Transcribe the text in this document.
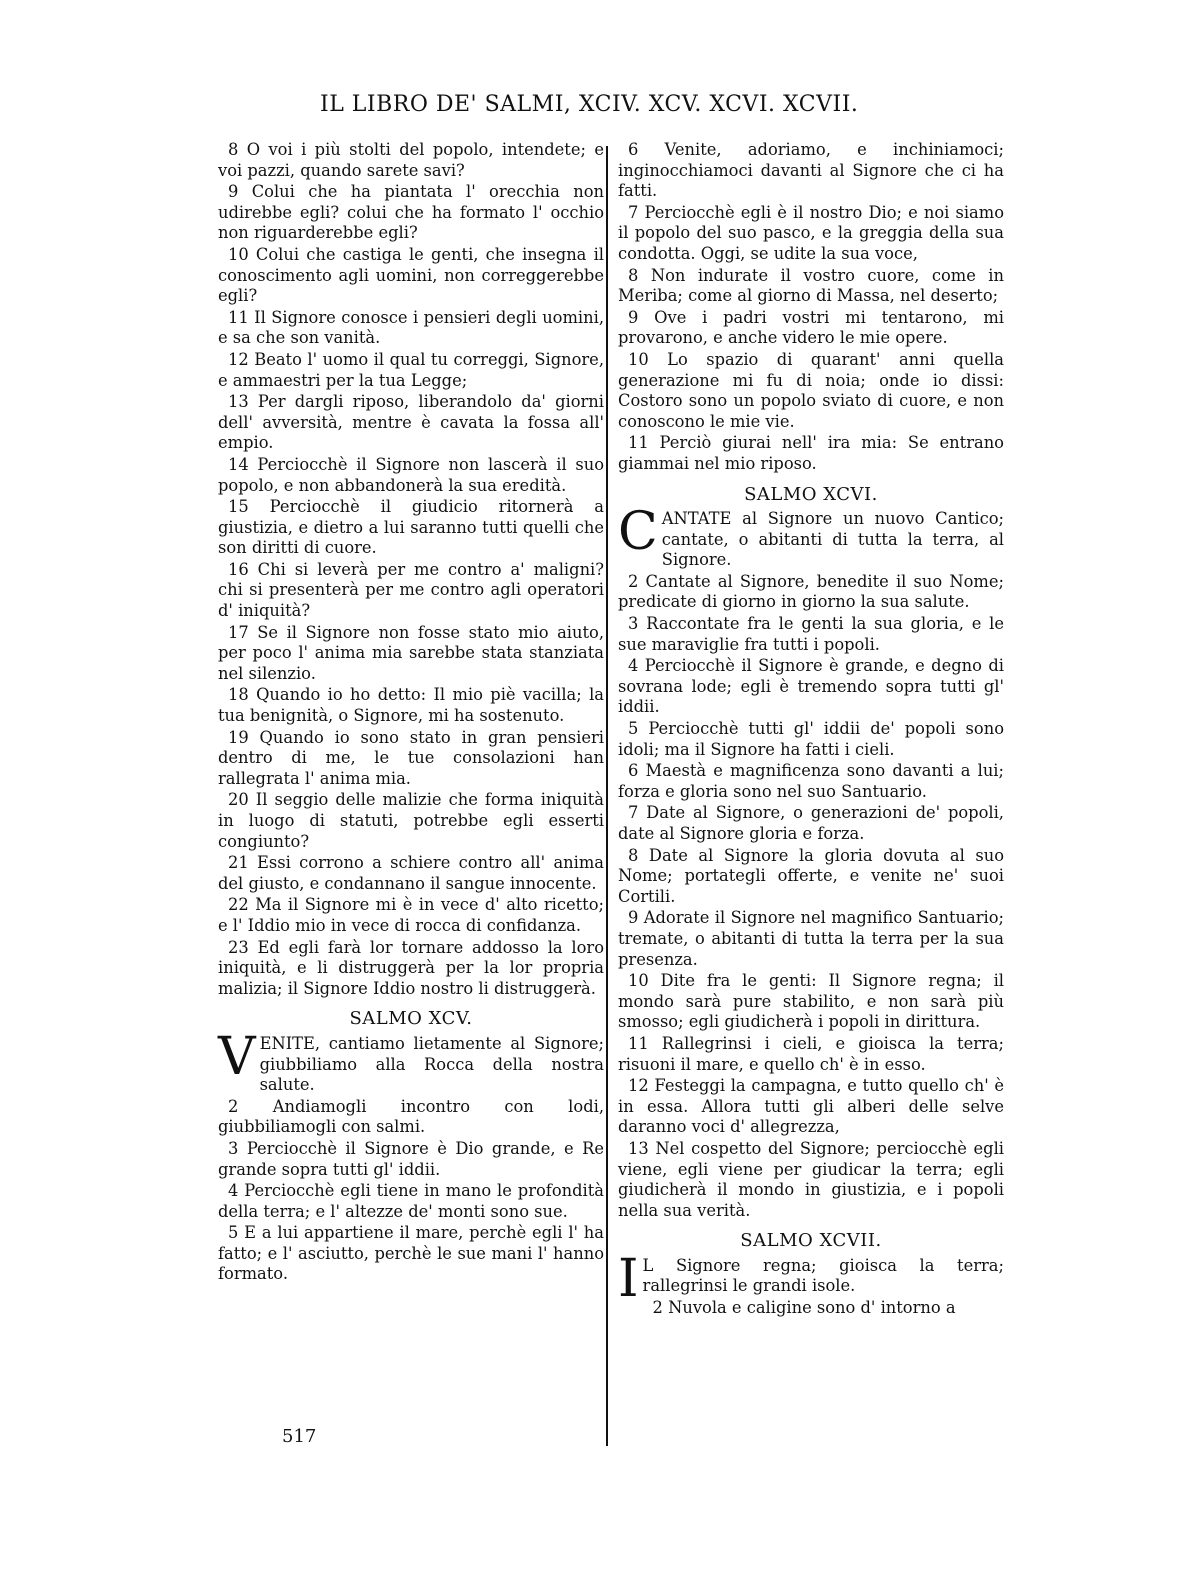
IL LIBRO DE' SALMI, XCIV. XCV. XCVI. XCVII.

8 O voi i più stolti del popolo, intendete; e voi pazzi, quando sarete savi?

9 Colui che ha piantata l' orecchia non udirebbe egli? colui che ha formato l' occhio non riguarderebbe egli?

10 Colui che castiga le genti, che insegna il conoscimento agli uomini, non correggerebbe egli?

11 Il Signore conosce i pensieri degli uomini, e sa che son vanità.

12 Beato l' uomo il qual tu correggi, Signore, e ammaestri per la tua Legge;

13 Per dargli riposo, liberandolo da' giorni dell' avversità, mentre è cavata la fossa all' empio.

14 Perciocchè il Signore non lascerà il suo popolo, e non abbandonerà la sua eredità.

15 Perciocchè il giudicio ritornerà a giustizia, e dietro a lui saranno tutti quelli che son diritti di cuore.

16 Chi si leverà per me contro a' maligni? chi si presenterà per me contro agli operatori d' iniquità?

17 Se il Signore non fosse stato mio aiuto, per poco l' anima mia sarebbe stata stanziata nel silenzio.

18 Quando io ho detto: Il mio piè vacilla; la tua benignità, o Signore, mi ha sostenuto.

19 Quando io sono stato in gran pensieri dentro di me, le tue consolazioni han rallegrata l' anima mia.

20 Il seggio delle malizie che forma iniquità in luogo di statuti, potrebbe egli esserti congiunto?

21 Essi corrono a schiere contro all' anima del giusto, e condannano il sangue innocente.

22 Ma il Signore mi è in vece d' alto ricetto; e l' Iddio mio in vece di rocca di confidanza.

23 Ed egli farà lor tornare addosso la loro iniquità, e li distruggerà per la lor propria malizia; il Signore Iddio nostro li distruggerà.

SALMO XCV.

VENITE, cantiamo lietamente al Signore; giubbiliamo alla Rocca della nostra salute.

2 Andiamogli incontro con lodi, giubbiliamogli con salmi.

3 Perciocchè il Signore è Dio grande, e Re grande sopra tutti gl' iddii.

4 Perciocchè egli tiene in mano le profondità della terra; e l' altezze de' monti sono sue.

5 E a lui appartiene il mare, perchè egli l' ha fatto; e l' asciutto, perchè le sue mani l' hanno formato.

6 Venite, adoriamo, e inchiniamoci; inginocchiamoci davanti al Signore che ci ha fatti.

7 Perciocchè egli è il nostro Dio; e noi siamo il popolo del suo pasco, e la greggia della sua condotta. Oggi, se udite la sua voce,

8 Non indurate il vostro cuore, come in Meriba; come al giorno di Massa, nel deserto;

9 Ove i padri vostri mi tentarono, mi provarono, e anche videro le mie opere.

10 Lo spazio di quarant' anni quella generazione mi fu di noia; onde io dissi: Costoro sono un popolo sviato di cuore, e non conoscono le mie vie.

11 Perciò giurai nell' ira mia: Se entrano giammai nel mio riposo.

SALMO XCVI.

CANTATE al Signore un nuovo Cantico; cantate, o abitanti di tutta la terra, al Signore.

2 Cantate al Signore, benedite il suo Nome; predicate di giorno in giorno la sua salute.

3 Raccontate fra le genti la sua gloria, e le sue maraviglie fra tutti i popoli.

4 Perciocchè il Signore è grande, e degno di sovrana lode; egli è tremendo sopra tutti gl' iddii.

5 Perciocchè tutti gl' iddii de' popoli sono idoli; ma il Signore ha fatti i cieli.

6 Maestà e magnificenza sono davanti a lui; forza e gloria sono nel suo Santuario.

7 Date al Signore, o generazioni de' popoli, date al Signore gloria e forza.

8 Date al Signore la gloria dovuta al suo Nome; portategli offerte, e venite ne' suoi Cortili.

9 Adorate il Signore nel magnifico Santuario; tremate, o abitanti di tutta la terra per la sua presenza.

10 Dite fra le genti: Il Signore regna; il mondo sarà pure stabilito, e non sarà più smosso; egli giudicherà i popoli in dirittura.

11 Rallegrinsi i cieli, e gioisca la terra; risuoni il mare, e quello ch' è in esso.

12 Festeggi la campagna, e tutto quello ch' è in essa. Allora tutti gli alberi delle selve daranno voci d' allegrezza,

13 Nel cospetto del Signore; perciocchè egli viene, egli viene per giudicar la terra; egli giudicherà il mondo in giustizia, e i popoli nella sua verità.

SALMO XCVII.

I L Signore regna; gioisca la terra; rallegrinsi le grandi isole.

2 Nuvola e caligine sono d' intorno a

517
